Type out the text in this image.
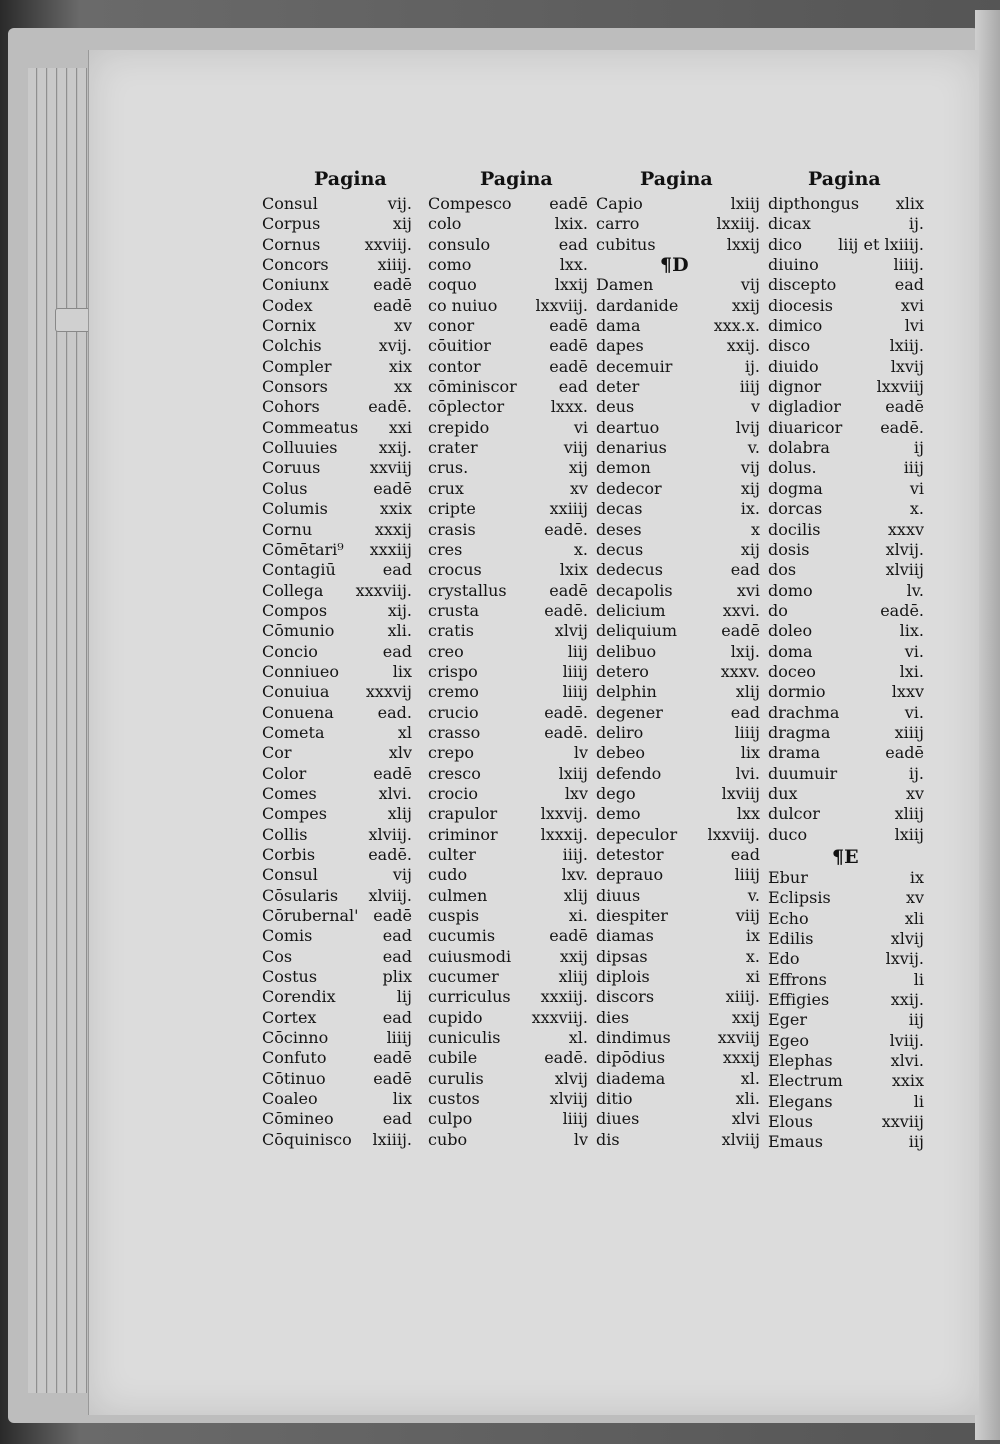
Pagina
Consul	vij.
Corpus	xij
Cornus	xxviij.
Concors	xiiij.
Coniunx	eadē
Codex	eadē
Cornix	xv
Colchis	xvij.
Compler	xix
Consors	xx
Cohors	eadē.
Commeatus xxi
Colluuies	xxij.
Coruus	xxviij
Colus	eadē
Columis	xxix
Cornu	xxxij
Cōmētari⁹ xxxiij
Contagiū	ead
Collega xxxviij.
Compos	xij.
Cōmunio	xli.
Concio	ead
Conniueo	lix
Conuiua xxxvij
Conuena	ead.
Cometa	xl
Cor	xlv
Color	eadē
Comes	xlvi.
Compes	xlij
Collis	xlviij.
Corbis	eadē.
Consul	vij
Cōsularis xlviij.
Cōrubernal' eadē
Comis	ead
Cos	ead
Costus	plix
Corendix	lij
Cortex	ead
Cōcinno	liiij
Confuto	eadē
Cōtinuo	eadē
Coaleo	lix
Cōmineo	ead
Cōquinisco lxiiij.
Pagina
Compesco eadē
colo	lxix.
consulo	ead
como	lxx.
coquo	lxxij
co nuiuo lxxviij.
conor	eadē
cōuitior	eadē
contor	eadē
cōminiscor	ead
cōplector	lxxx.
crepido	vi
crater	viij
crus.	xij
crux	xv
cripte	xxiiij
crasis	eadē.
cres	x.
crocus	lxix
crystallus	eadē
crusta	eadē.
cratis	xlvij
creo	liij
crispo	liiij
cremo	liiij
crucio	eadē.
crasso	eadē.
crepo	lv
cresco	lxiij
crocio	lxv
crapulor	lxxvij.
criminor	lxxxij.
culter	iiij.
cudo	lxv.
culmen	xlij
cuspis	xi.
cucumis	eadē
cuiusmodi	xxij
cucumer	xliij
curriculus xxxiij.
cupido	xxxviij.
cuniculis	xl.
cubile	eadē.
curulis	xlvij
custos	xlviij
culpo	liiij
cubo	lv
Pagina
Capio	lxiij
carro	lxxiij.
cubitus	lxxij
Damen	vij
dardanide	xxij
dama	xxx.x.
dapes	xxij.
decemuir	ij.
deter	iiij
deus	v
deartuo	lvij
denarius	v.
demon	vij
dedecor	xij
decas	ix.
deses	x
decus	xij
dedecus	ead
decapolis	xvi
delicium	xxvi.
deliquium	eadē
delibuo	lxij.
detero	xxxv.
delphin	xlij
degener	ead
deliro	liiij
debeo	lix
defendo	lvi.
dego	lxviij
demo	lxx
depeculor lxxviij.
detestor	ead
deprauo	liiij
diuus	v.
diespiter	viij
diamas	ix
dipsas	x.
diplois	xi
discors	xiiij.
dies	xxij
dindimus	xxviij
dipōdius	xxxij
diadema	xl.
ditio	xli.
diues	xlvi
dis	xlviij
Pagina
dipthongus xlix
dicax	ij.
dico liij et lxiiij.
diuino	liiij.
discepto	ead
diocesis	xvi
dimico	lvi
disco	lxiij.
diuido	lxvij
dignor	lxxviij
digladior	eadē
diuaricor eadē.
dolabra	ij
dolus.	iiij
dogma	vi
dorcas	x.
docilis	xxxv
dosis	xlvij.
dos	xlviij
domo	lv.
do	eadē.
doleo	lix.
doma	vi.
doceo	lxi.
dormio	lxxv
drachma	vi.
dragma	xiiij
drama	eadē
duumuir	ij.
dux	xv
dulcor	xliij
duco	lxiij
¶E
Ebur	ix
Eclipsis	xv
Echo	xli
Edilis	xlvij
Edo	lxvij.
Effrons	li
Effigies	xxij.
Eger	iij
Egeo	lviij.
Elephas	xlvi.
Electrum	xxix
Elegans	li
Elous	xxviij
Emaus	iij
¶D
